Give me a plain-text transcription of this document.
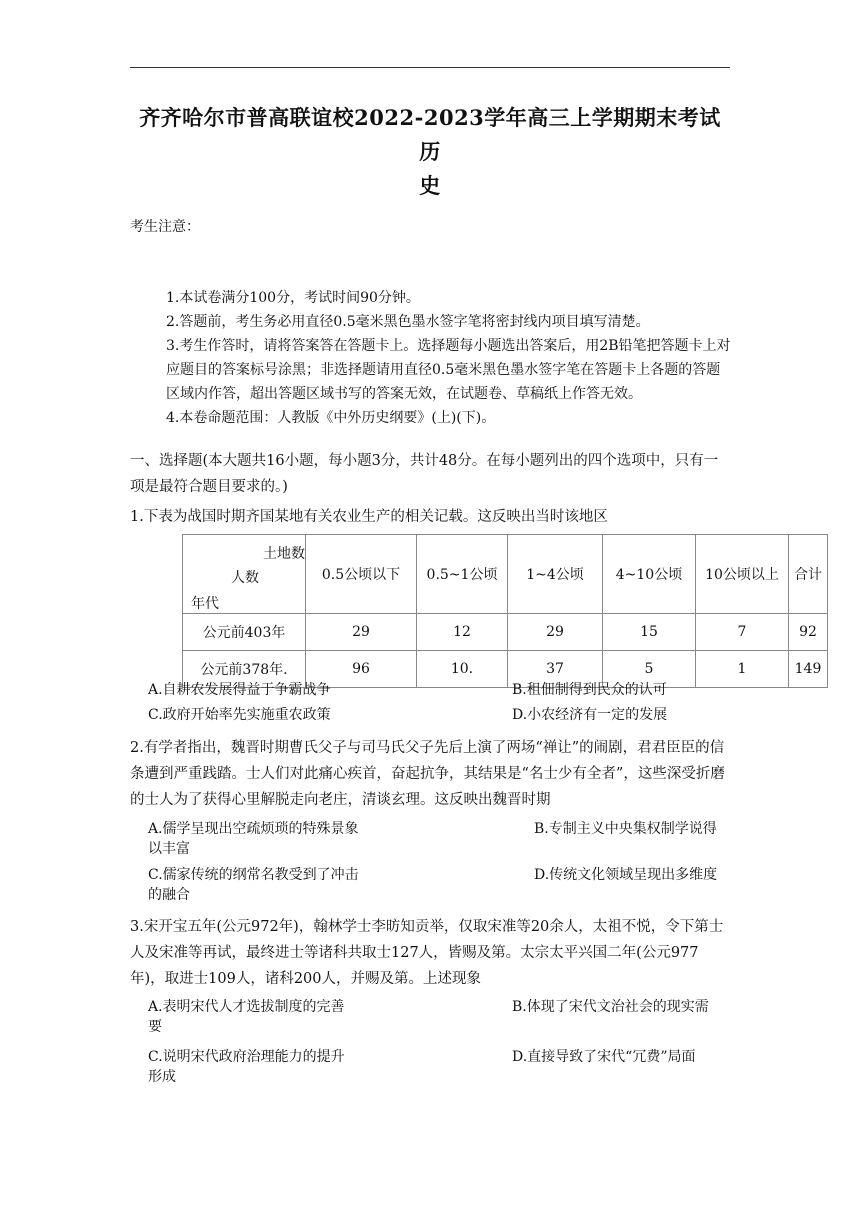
齐齐哈尔市普高联谊校2022-2023学年高三上学期期末考试 历
史
考生注意：
1.本试卷满分100分，考试时间90分钟。
2.答题前，考生务必用直径0.5毫米黑色墨水签字笔将密封线内项目填写清楚。
3.考生作答时，请将答案答在答题卡上。选择题每小题选出答案后，用2B铅笔把答题卡上对应题目的答案标号涂黑；非选择题请用直径0.5毫米黑色墨水签字笔在答题卡上各题的答题区域内作答，超出答题区域书写的答案无效，在试题卷、草稿纸上作答无效。
4.本卷命题范围：人教版《中外历史纲要》(上)(下)。
一、选择题(本大题共16小题，每小题3分，共计48分。在每小题列出的四个选项中，只有一项是最符合题目要求的。)
1.下表为战国时期齐国某地有关农业生产的相关记载。这反映出当时该地区
土地数
人数
年代	0.5公顷以下	0.5~1公顷	1~4公顷	4~10公顷	10公顷以上	合计
公元前403年	29	12	29	15	7	92
公元前378年.	96	10.	37	5	1	149
A.自耕农发展得益于争霸战争	B.租佃制得到民众的认可
C.政府开始率先实施重农政策	D.小农经济有一定的发展
2.有学者指出，魏晋时期曹氏父子与司马氏父子先后上演了两场“禅让”的闹剧，君君臣臣的信条遭到严重践踏。士人们对此痛心疾首，奋起抗争，其结果是“名士少有全者”，这些深受折磨的士人为了获得心里解脱走向老庄，清谈玄理。这反映出魏晋时期
A.儒学呈现出空疏烦琐的特殊景象	B.专制主义中央集权制学说得
以丰富
C.儒家传统的纲常名教受到了冲击	D.传统文化领域呈现出多维度
的融合
3.宋开宝五年(公元972年)，翰林学士李昉知贡举，仅取宋准等20余人，太祖不悦，令下第士人及宋准等再试，最终进士等诸科共取士127人，皆赐及第。太宗太平兴国二年(公元977年)，取进士109人，诸科200人，并赐及第。上述现象
A.表明宋代人才选拔制度的完善	B.体现了宋代文治社会的现实需
要
C.说明宋代政府治理能力的提升	D.直接导致了宋代“冗费”局面
形成
